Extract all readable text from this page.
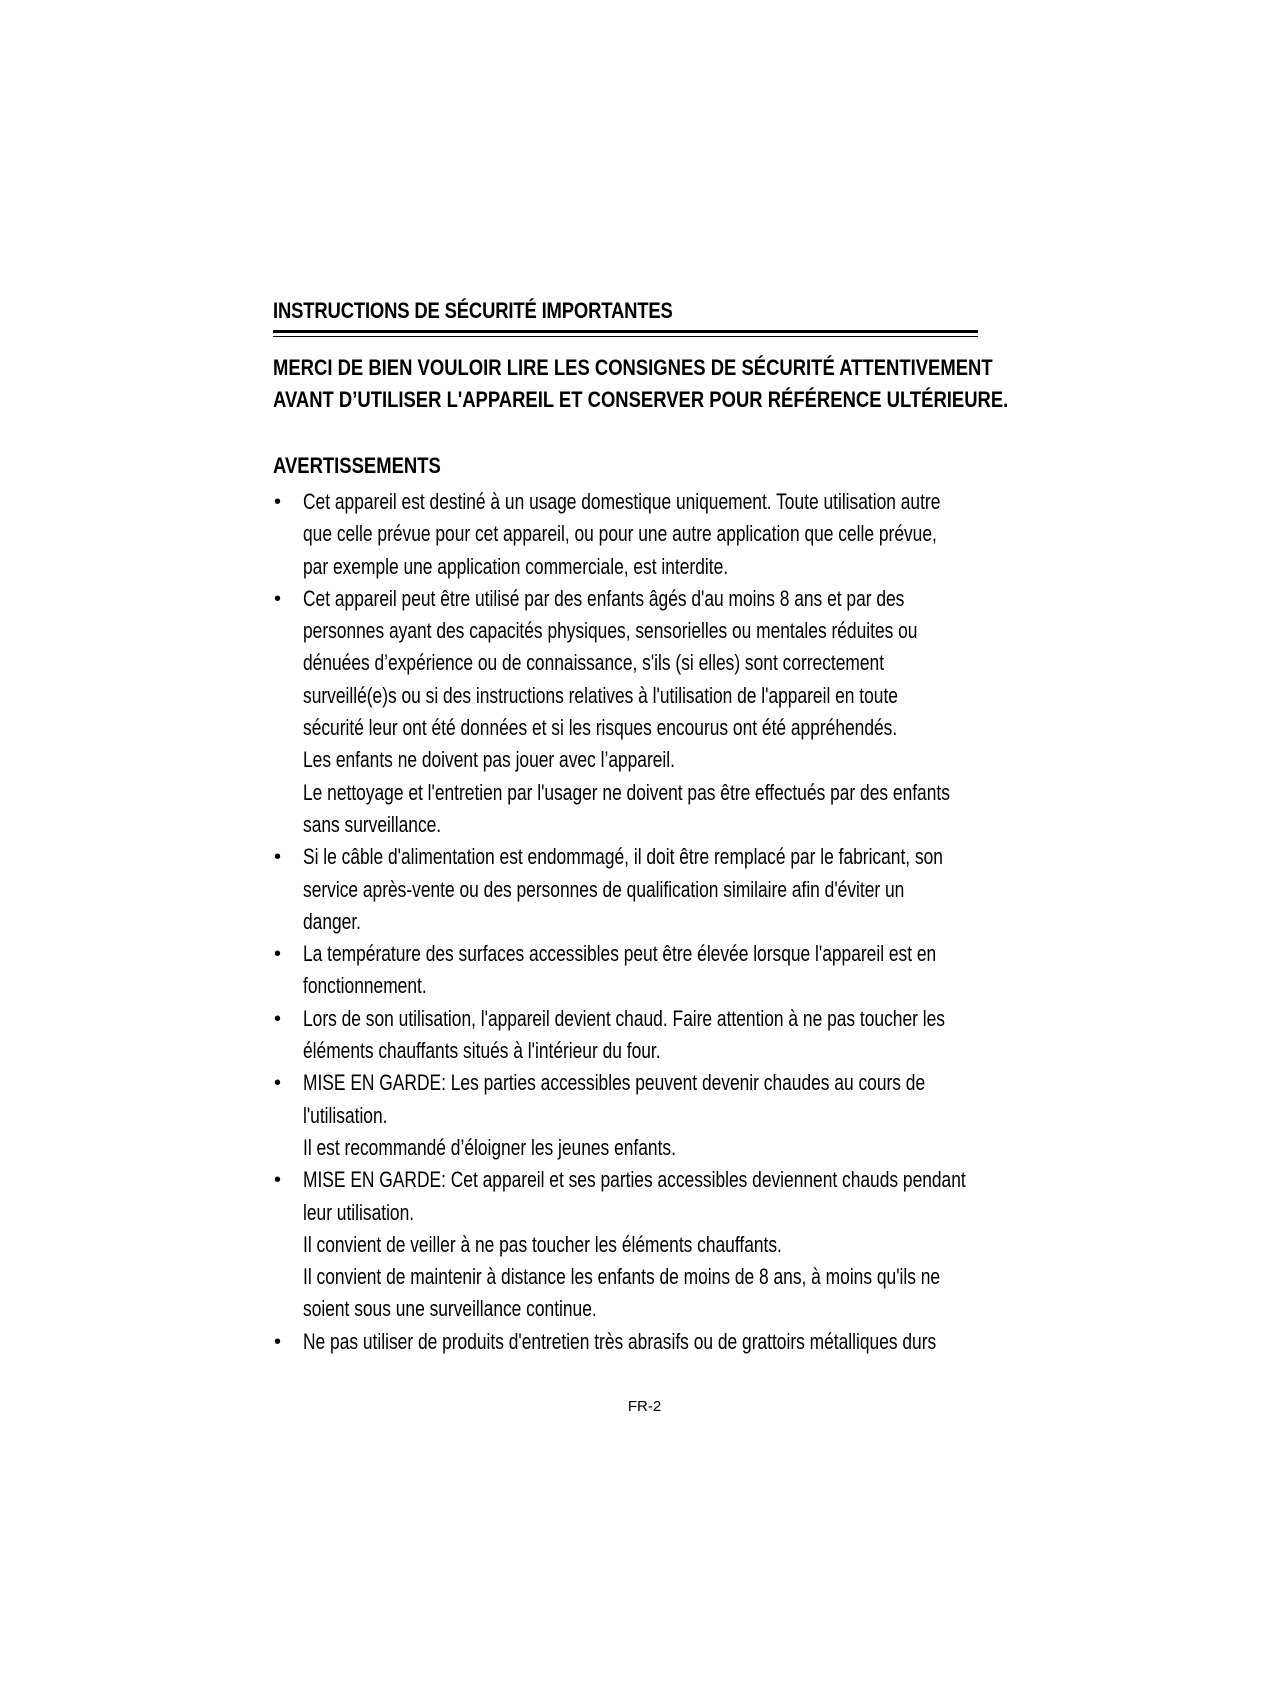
INSTRUCTIONS DE SÉCURITÉ IMPORTANTES
MERCI DE BIEN VOULOIR LIRE LES CONSIGNES DE SÉCURITÉ ATTENTIVEMENT
AVANT D’UTILISER L'APPAREIL ET CONSERVER POUR RÉFÉRENCE ULTÉRIEURE.
AVERTISSEMENTS
• Cet appareil est destiné à un usage domestique uniquement. Toute utilisation autre
que celle prévue pour cet appareil, ou pour une autre application que celle prévue,
par exemple une application commerciale, est interdite.
• Cet appareil peut être utilisé par des enfants âgés d'au moins 8 ans et par des
personnes ayant des capacités physiques, sensorielles ou mentales réduites ou
dénuées d’expérience ou de connaissance, s'ils (si elles) sont correctement
surveillé(e)s ou si des instructions relatives à l'utilisation de l'appareil en toute
sécurité leur ont été données et si les risques encourus ont été appréhendés.
Les enfants ne doivent pas jouer avec l’appareil.
Le nettoyage et l'entretien par l'usager ne doivent pas être effectués par des enfants
sans surveillance.
• Si le câble d'alimentation est endommagé, il doit être remplacé par le fabricant, son
service après-vente ou des personnes de qualification similaire afin d'éviter un
danger.
• La température des surfaces accessibles peut être élevée lorsque l'appareil est en
fonctionnement.
• Lors de son utilisation, l'appareil devient chaud. Faire attention à ne pas toucher les
éléments chauffants situés à l'intérieur du four.
• MISE EN GARDE: Les parties accessibles peuvent devenir chaudes au cours de
l'utilisation.
Il est recommandé d’éloigner les jeunes enfants.
• MISE EN GARDE: Cet appareil et ses parties accessibles deviennent chauds pendant
leur utilisation.
Il convient de veiller à ne pas toucher les éléments chauffants.
Il convient de maintenir à distance les enfants de moins de 8 ans, à moins qu'ils ne
soient sous une surveillance continue.
• Ne pas utiliser de produits d'entretien très abrasifs ou de grattoirs métalliques durs
FR-2
